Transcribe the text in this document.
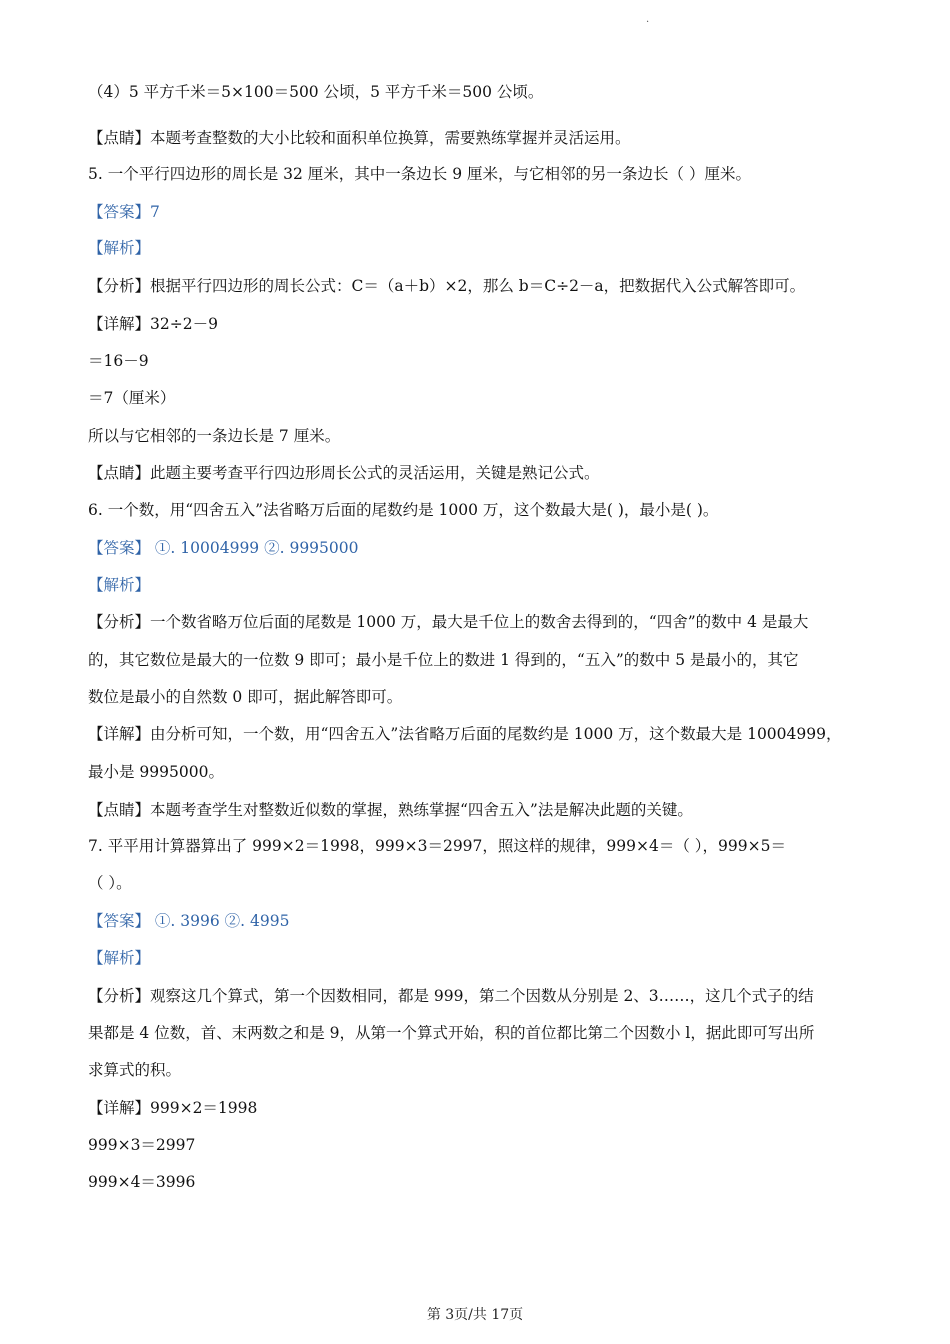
.
（4）5 平方千米＝5×100＝500 公顷，5 平方千米＝500 公顷。
【点睛】本题考查整数的大小比较和面积单位换算，需要熟练掌握并灵活运用。
5. 一个平行四边形的周长是 32 厘米，其中一条边长 9 厘米，与它相邻的另一条边长（ ）厘米。
【答案】7
【解析】
【分析】根据平行四边形的周长公式：C＝（a＋b）×2，那么 b＝C÷2－a，把数据代入公式解答即可。
【详解】32÷2－9
＝16－9
＝7（厘米）
所以与它相邻的一条边长是 7 厘米。
【点睛】此题主要考查平行四边形周长公式的灵活运用，关键是熟记公式。
6. 一个数，用“四舍五入”法省略万后面的尾数约是 1000 万，这个数最大是( )，最小是( )。
【答案】 ①. 10004999 ②. 9995000
【解析】
【分析】一个数省略万位后面的尾数是 1000 万，最大是千位上的数舍去得到的，“四舍”的数中 4 是最大
的，其它数位是最大的一位数 9 即可；最小是千位上的数进 1 得到的，“五入”的数中 5 是最小的，其它
数位是最小的自然数 0 即可，据此解答即可。
【详解】由分析可知，一个数，用“四舍五入”法省略万后面的尾数约是 1000 万，这个数最大是 10004999，
最小是 9995000。
【点睛】本题考查学生对整数近似数的掌握，熟练掌握“四舍五入”法是解决此题的关键。
7. 平平用计算器算出了 999×2＝1998，999×3＝2997，照这样的规律，999×4＝（ ），999×5＝
（ ）。
【答案】 ①. 3996 ②. 4995
【解析】
【分析】观察这几个算式，第一个因数相同，都是 999，第二个因数从分别是 2、3……，这几个式子的结
果都是 4 位数，首、末两数之和是 9，从第一个算式开始，积的首位都比第二个因数小 l，据此即可写出所
求算式的积。
【详解】999×2＝1998
999×3＝2997
999×4＝3996
第 3页/共 17页
